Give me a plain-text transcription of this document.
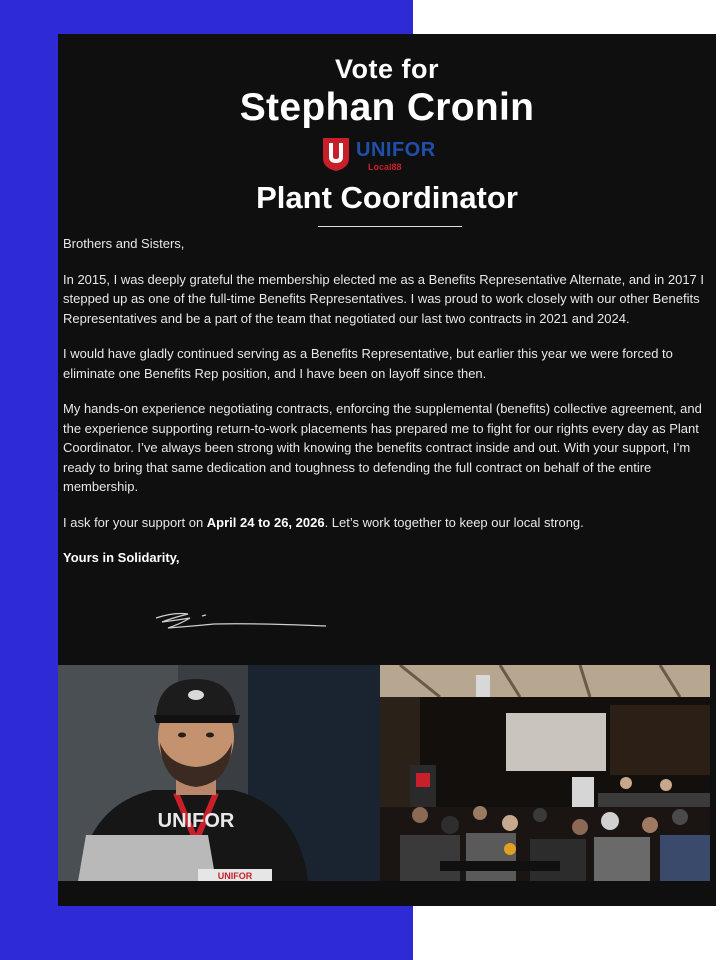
Vote for
Stephan Cronin
UNIFOR
Local88
Plant Coordinator

Brothers and Sisters,

In 2015, I was deeply grateful the membership elected me as a Benefits Representative Alternate, and in 2017 I stepped up as one of the full-time Benefits Representatives. I was proud to work closely with our other Benefits Representatives and be a part of the team that negotiated our last two contracts in 2021 and 2024.

I would have gladly continued serving as a Benefits Representative, but earlier this year we were forced to eliminate one Benefits Rep position, and I have been on layoff since then.

My hands-on experience negotiating contracts, enforcing the supplemental (benefits) collective agreement, and the experience supporting return-to-work placements has prepared me to fight for our rights every day as Plant Coordinator. I’ve always been strong with knowing the benefits contract inside and out. With your support, I’m ready to bring that same dedication and toughness to defending the full contract on behalf of the entire membership.

I ask for your support on April 24 to 26, 2026. Let’s work together to keep our local strong.

Yours in Solidarity,

UNIFOR
UNIFOR
